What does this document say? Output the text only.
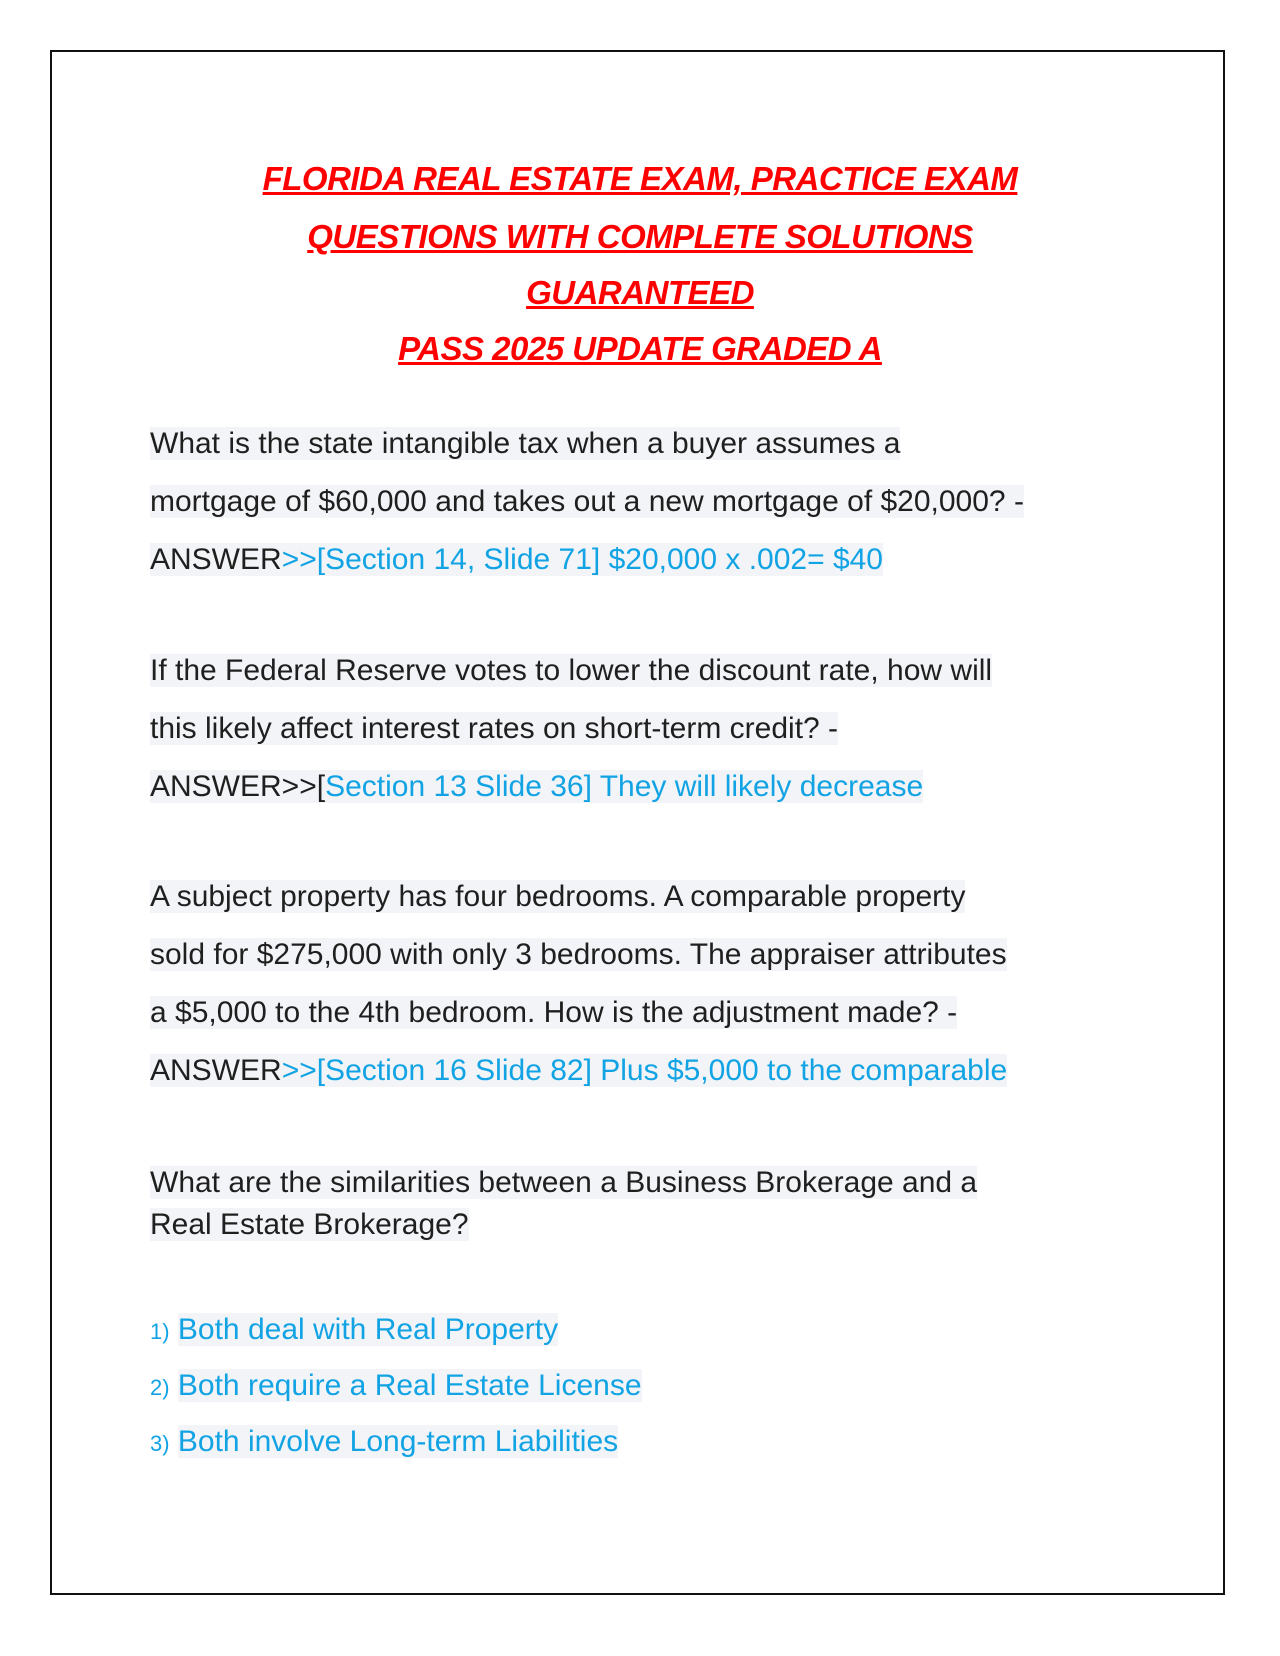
FLORIDA REAL ESTATE EXAM, PRACTICE EXAM
QUESTIONS WITH COMPLETE SOLUTIONS
GUARANTEED
PASS 2025 UPDATE GRADED A
What is the state intangible tax when a buyer assumes a
mortgage of $60,000 and takes out a new mortgage of $20,000? -
ANSWER>>[Section 14, Slide 71] $20,000 x .002= $40
If the Federal Reserve votes to lower the discount rate, how will
this likely affect interest rates on short-term credit? -
ANSWER>>[Section 13 Slide 36] They will likely decrease
A subject property has four bedrooms. A comparable property
sold for $275,000 with only 3 bedrooms. The appraiser attributes
a $5,000 to the 4th bedroom. How is the adjustment made? -
ANSWER>>[Section 16 Slide 82] Plus $5,000 to the comparable
What are the similarities between a Business Brokerage and a
Real Estate Brokerage?
1) Both deal with Real Property
2) Both require a Real Estate License
3) Both involve Long-term Liabilities
